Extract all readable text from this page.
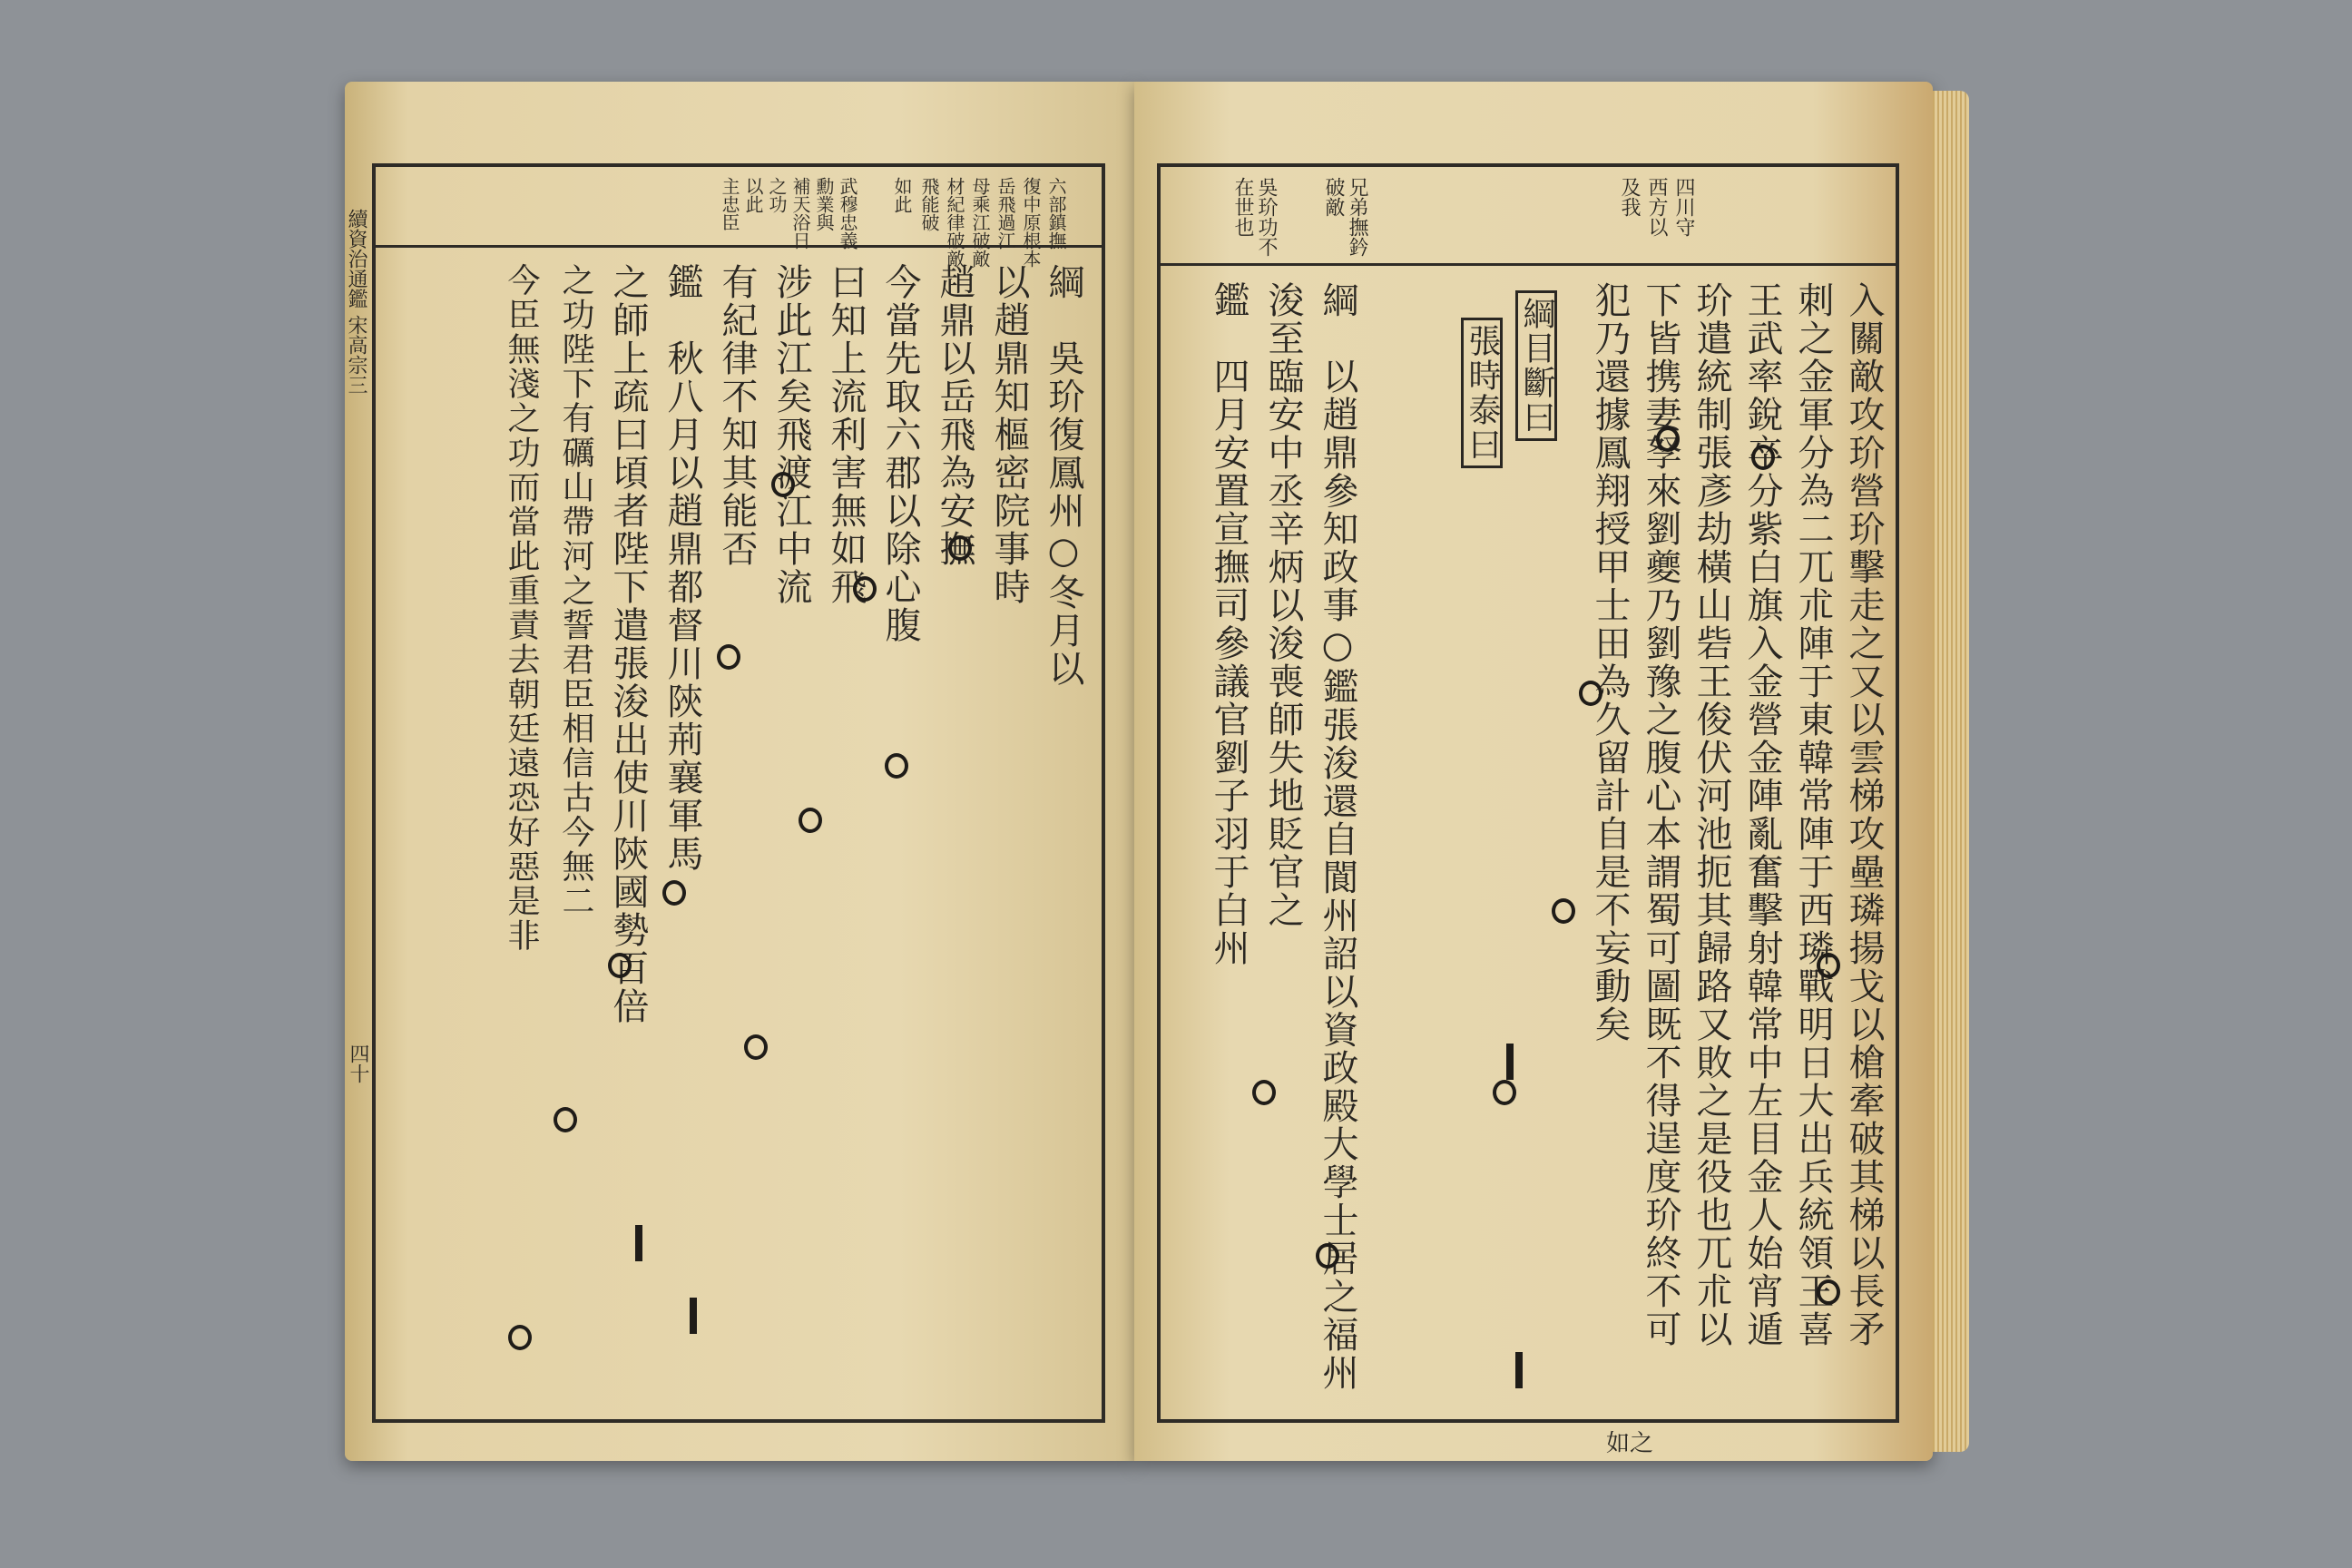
六部鎮撫
復中原根本
岳飛過江
母乘江破敵
材紀律破敵
飛能破
如此
武穆忠義
勳業與
補天浴日
之功
以此
主忠臣
綱　吳玠復鳳州○冬月以
以趙鼎知樞密院事時
趙鼎以岳飛為安撫
今當先取六郡以除心腹
曰知上流利害無如飛
涉此江矣飛渡江中流
有紀律不知其能否
鑑　秋八月以趙鼎都督川陝荊襄軍馬
之師上疏曰頃者陛下遣張浚出使川陝國勢百倍
之功陛下有礪山帶河之誓君臣相信古今無二
今臣無淺之功而當此重責去朝廷遠恐好惡是非
續資治通鑑 宋高宗三
四十
吳玠功不
在世也	兄弟撫鈐
破敵	四川守
西方以
及我
入關敵攻玠營玠擊走之又以雲梯攻壘璘揚戈以槍牽破其梯以長矛
刺之金軍分為二兀朮陣于東韓常陣于西璘戰明日大出兵統領王喜
王武率銳卒分紫白旗入金營金陣亂奮擊射韓常中左目金人始宵遁
玠遣統制張彥劫橫山砦王俊伏河池扼其歸路又敗之是役也兀朮以
下皆携妻孥來劉夔乃劉豫之腹心本謂蜀可圖既不得逞度玠終不可
犯乃還據鳳翔授甲士田為久留計自是不妄動矣
綱目斷曰
張時泰曰
綱　以趙鼎參知政事○鑑張浚還自閬州詔以資政殿大學士居之福州
浚至臨安中丞辛炳以浚喪師失地貶官之
鑑　四月安置宣撫司參議官劉子羽于白州
如之
